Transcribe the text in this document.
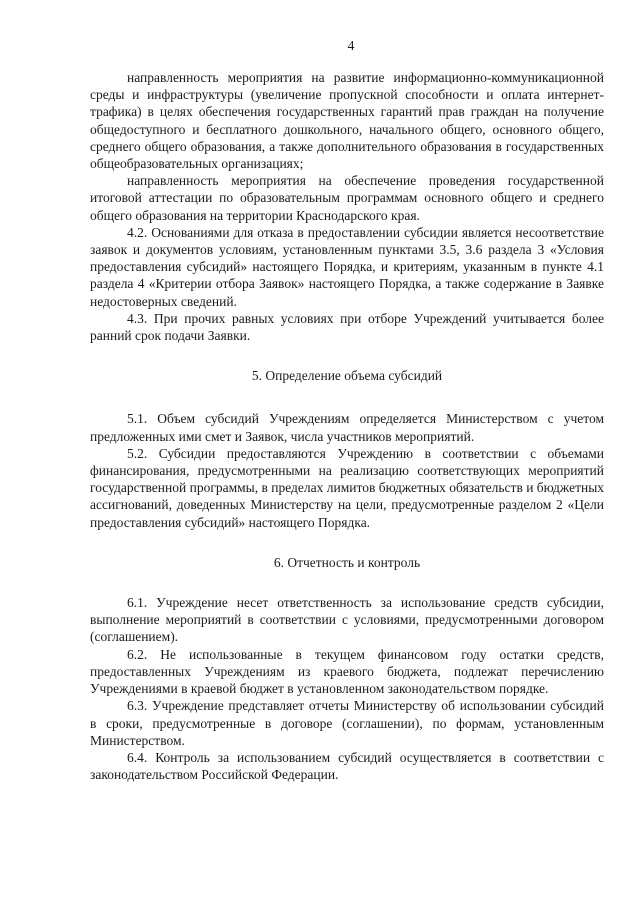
4

направленность мероприятия на развитие информационно-коммуникационной среды и инфраструктуры (увеличение пропускной способности и оплата интернет-трафика) в целях обеспечения государственных гарантий прав граждан на получение общедоступного и бесплатного дошкольного, начального общего, основного общего, среднего общего образования, а также дополнительного образования в государственных общеобразовательных организациях;

направленность мероприятия на обеспечение проведения государственной итоговой аттестации по образовательным программам основного общего и среднего общего образования на территории Краснодарского края.

4.2. Основаниями для отказа в предоставлении субсидии является несоответствие заявок и документов условиям, установленным пунктами 3.5, 3.6 раздела 3 «Условия предоставления субсидий» настоящего Порядка, и критериям, указанным в пункте 4.1 раздела 4 «Критерии отбора Заявок» настоящего Порядка, а также содержание в Заявке недостоверных сведений.

4.3. При прочих равных условиях при отборе Учреждений учитывается более ранний срок подачи Заявки.

5. Определение объема субсидий

5.1. Объем субсидий Учреждениям определяется Министерством с учетом предложенных ими смет и Заявок, числа участников мероприятий.

5.2. Субсидии предоставляются Учреждению в соответствии с объемами финансирования, предусмотренными на реализацию соответствующих мероприятий государственной программы, в пределах лимитов бюджетных обязательств и бюджетных ассигнований, доведенных Министерству на цели, предусмотренные разделом 2 «Цели предоставления субсидий» настоящего Порядка.

6. Отчетность и контроль

6.1. Учреждение несет ответственность за использование средств субсидии, выполнение мероприятий в соответствии с условиями, предусмотренными договором (соглашением).

6.2. Не использованные в текущем финансовом году остатки средств, предоставленных Учреждениям из краевого бюджета, подлежат перечислению Учреждениями в краевой бюджет в установленном законодательством порядке.

6.3. Учреждение представляет отчеты Министерству об использовании субсидий в сроки, предусмотренные в договоре (соглашении), по формам, установленным Министерством.

6.4. Контроль за использованием субсидий осуществляется в соответствии с законодательством Российской Федерации.
